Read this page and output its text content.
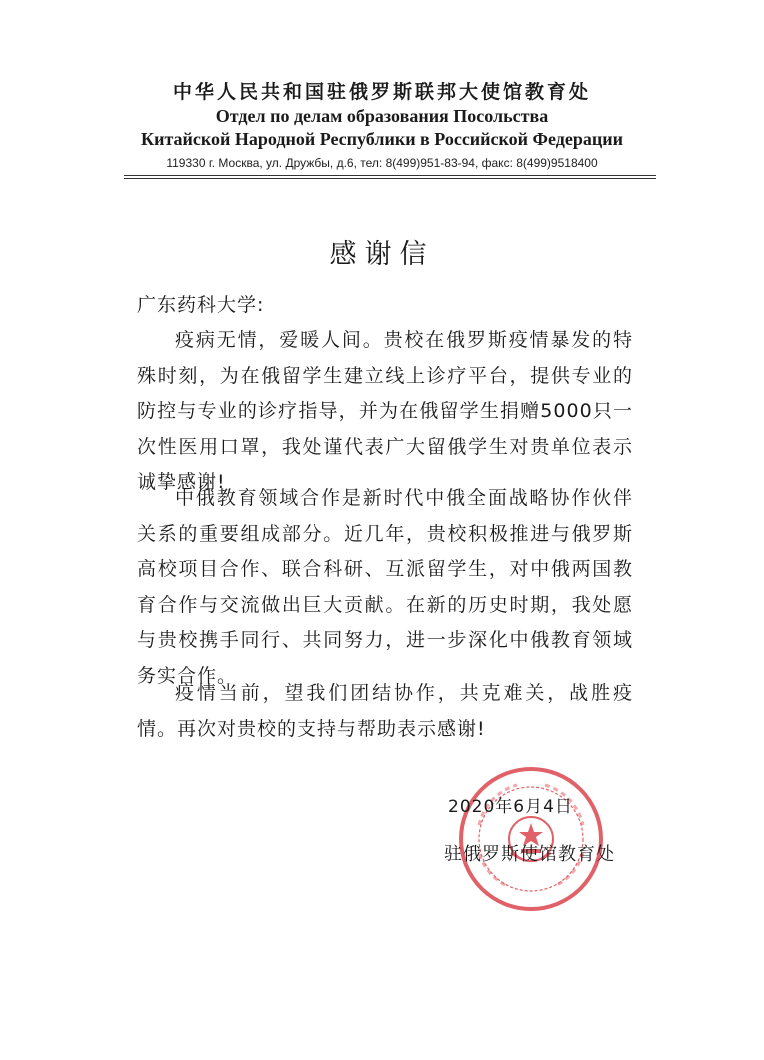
中华人民共和国驻俄罗斯联邦大使馆教育处
Отдел по делам образования Посольства
Китайской Народной Республики в Российской Федерации
119330 г. Москва, ул. Дружбы, д.6, тел: 8(499)951-83-94, факс: 8(499)9518400
感谢信
广东药科大学:
疫病无情，爱暖人间。贵校在俄罗斯疫情暴发的特殊时刻，为在俄留学生建立线上诊疗平台，提供专业的防控与专业的诊疗指导，并为在俄留学生捐赠5000只一次性医用口罩，我处谨代表广大留俄学生对贵单位表示诚挚感谢!
中俄教育领域合作是新时代中俄全面战略协作伙伴关系的重要组成部分。近几年，贵校积极推进与俄罗斯高校项目合作、联合科研、互派留学生，对中俄两国教育合作与交流做出巨大贡献。在新的历史时期，我处愿与贵校携手同行、共同努力，进一步深化中俄教育领域务实合作。
疫情当前，望我们团结协作，共克难关，战胜疫情。再次对贵校的支持与帮助表示感谢!
2020年6月4日
驻俄罗斯使馆教育处
